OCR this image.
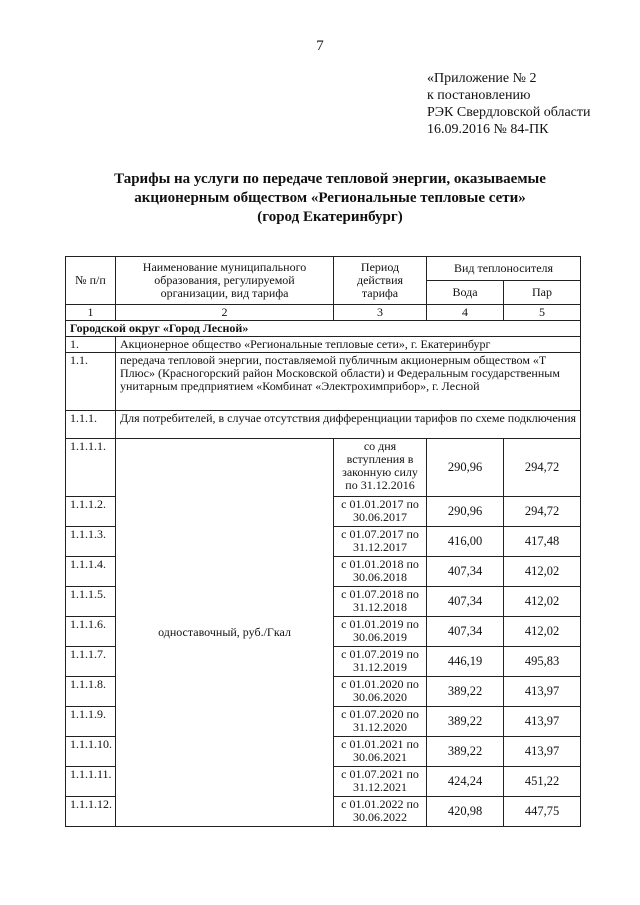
7
«Приложение № 2
к постановлению
РЭК Свердловской области
16.09.2016 № 84-ПК
Тарифы на услуги по передаче тепловой энергии, оказываемые
акционерным обществом «Региональные тепловые сети»
(город Екатеринбург)
№ п/п	Наименование муниципального образования, регулируемой организации, вид тарифа	Период действия тарифа	Вид теплоносителя	
			Вода	Пар
1	2	3	4	5
Городской округ «Город Лесной»				
1.	Акционерное общество «Региональные тепловые сети», г. Екатеринбург			
1.1.	передача тепловой энергии, поставляемой публичным акционерным обществом «Т Плюс» (Красногорский район Московской области) и Федеральным государственным унитарным предприятием «Комбинат «Электрохимприбор», г. Лесной			
1.1.1.	Для потребителей, в случае отсутствия дифференциации тарифов по схеме подключения			
1.1.1.1.	одноставочный, руб./Гкал	со дня вступления в законную силу по 31.12.2016	290,96	294,72
1.1.1.2.		с 01.01.2017 по 30.06.2017	290,96	294,72
1.1.1.3.		с 01.07.2017 по 31.12.2017	416,00	417,48
1.1.1.4.		с 01.01.2018 по 30.06.2018	407,34	412,02
1.1.1.5.		с 01.07.2018 по 31.12.2018	407,34	412,02
1.1.1.6.		с 01.01.2019 по 30.06.2019	407,34	412,02
1.1.1.7.		с 01.07.2019 по 31.12.2019	446,19	495,83
1.1.1.8.		с 01.01.2020 по 30.06.2020	389,22	413,97
1.1.1.9.		с 01.07.2020 по 31.12.2020	389,22	413,97
1.1.1.10.		с 01.01.2021 по 30.06.2021	389,22	413,97
1.1.1.11.		с 01.07.2021 по 31.12.2021	424,24	451,22
1.1.1.12.		с 01.01.2022 по 30.06.2022	420,98	447,75
